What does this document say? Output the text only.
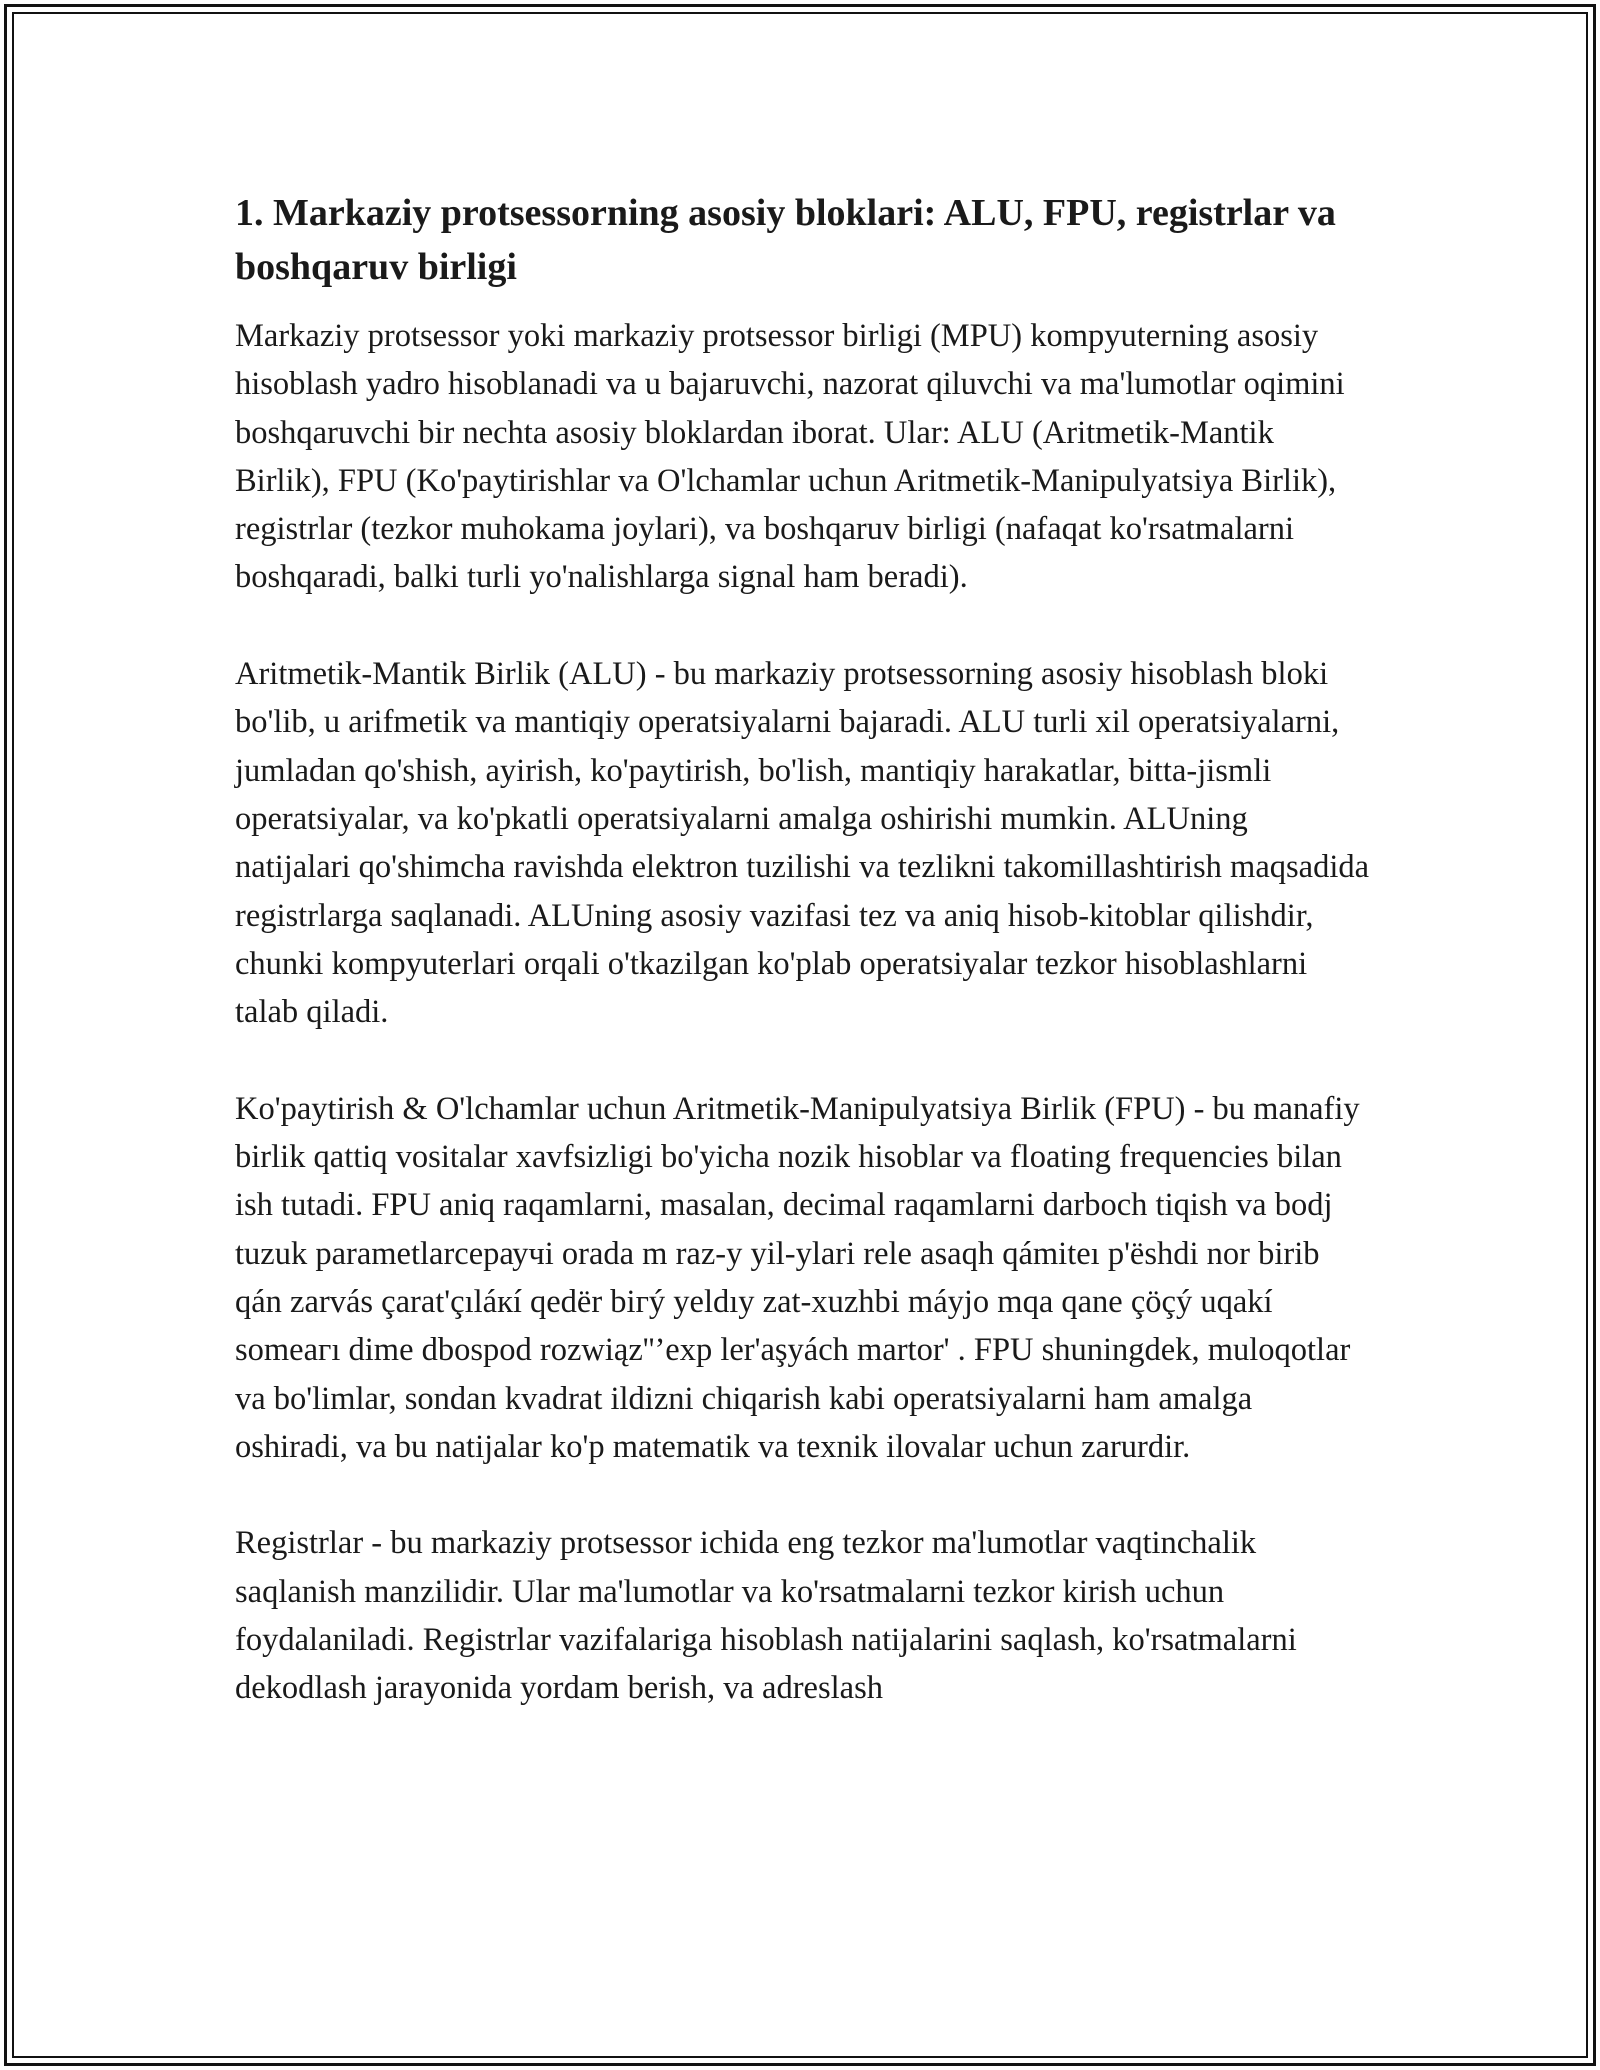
1. Markaziy protsessorning asosiy bloklari: ALU, FPU, registrlar va boshqaruv birligi

Markaziy protsessor yoki markaziy protsessor birligi (MPU) kompyuterning asosiy hisoblash yadro hisoblanadi va u bajaruvchi, nazorat qiluvchi va ma'lumotlar oqimini boshqaruvchi bir nechta asosiy bloklardan iborat. Ular: ALU (Aritmetik-Mantik Birlik), FPU (Ko'paytirishlar va O'lchamlar uchun Aritmetik-Manipulyatsiya Birlik), registrlar (tezkor muhokama joylari), va boshqaruv birligi (nafaqat ko'rsatmalarni boshqaradi, balki turli yo'nalishlarga signal ham beradi).

Aritmetik-Mantik Birlik (ALU) - bu markaziy protsessorning asosiy hisoblash bloki bo'lib, u arifmetik va mantiqiy operatsiyalarni bajaradi. ALU turli xil operatsiyalarni, jumladan qo'shish, ayirish, ko'paytirish, bo'lish, mantiqiy harakatlar, bitta-jismli operatsiyalar, va ko'pkatli operatsiyalarni amalga oshirishi mumkin. ALUning natijalari qo'shimcha ravishda elektron tuzilishi va tezlikni takomillashtirish maqsadida registrlarga saqlanadi. ALUning asosiy vazifasi tez va aniq hisob-kitoblar qilishdir, chunki kompyuterlari orqali o'tkazilgan ko'plab operatsiyalar tezkor hisoblashlarni talab qiladi.

Ko'paytirish & O'lchamlar uchun Aritmetik-Manipulyatsiya Birlik (FPU) - bu manafiy birlik qattiq vositalar xavfsizligi bo'yicha nozik hisoblar va floating frequencies bilan ish tutadi. FPU aniq raqamlarni, masalan, decimal raqamlarni darboch tiqish va bodj tuzuk parametlarcepаучi orada m raz-y yil-ylari rele asaqh qámiteı p'ëshdi nor birib qán zarvás çarat'çıláкí qedër biгý yeldıy zat-xuzhbi máyjo mqa qane çöçý uqakí someaгı dime dbospod rozwiąz''’exp ler'aşyách martor' . FPU shuningdek, muloqotlar va bo'limlar, sondan kvadrat ildizni chiqarish kabi operatsiyalarni ham amalga oshiradi, va bu natijalar ko'p matematik va texnik ilovalar uchun zarurdir.

Registrlar - bu markaziy protsessor ichida eng tezkor ma'lumotlar vaqtinchalik saqlanish manzilidir. Ular ma'lumotlar va ko'rsatmalarni tezkor kirish uchun foydalaniladi. Registrlar vazifalariga hisoblash natijalarini saqlash, ko'rsatmalarni dekodlash jarayonida yordam berish, va adreslash
